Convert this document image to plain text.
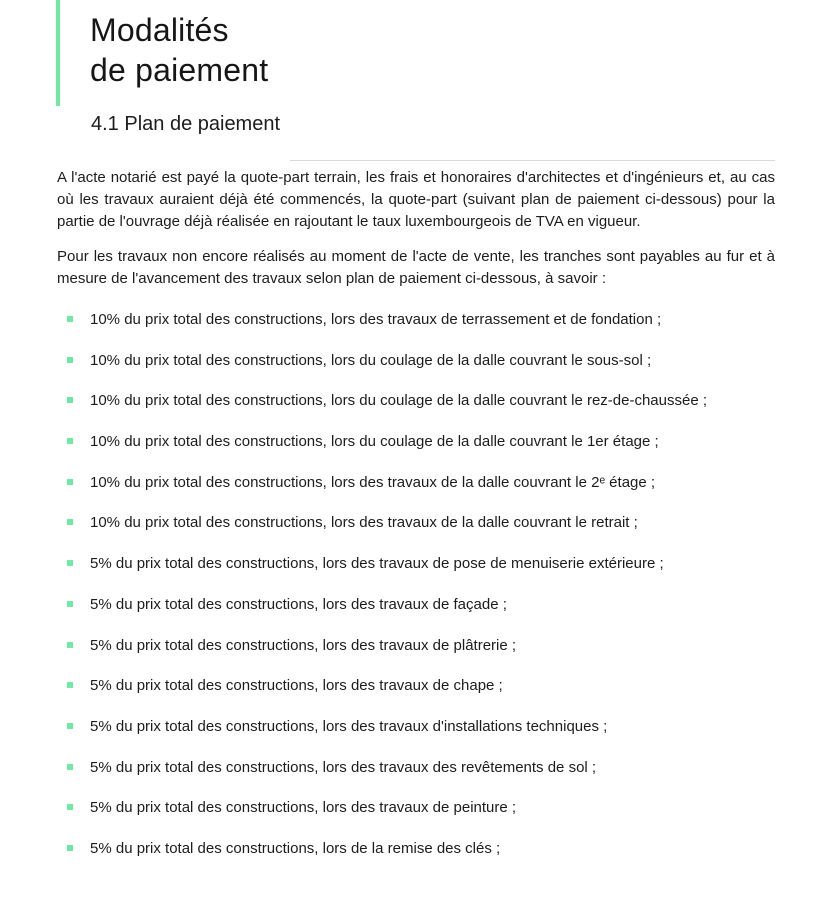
Modalités
de paiement
4.1 Plan de paiement

A l'acte notarié est payé la quote-part terrain, les frais et honoraires d'architectes et d'ingénieurs et, au cas où les travaux auraient déjà été commencés, la quote-part (suivant plan de paiement ci-dessous) pour la partie de l'ouvrage déjà réalisée en rajoutant le taux luxembourgeois de TVA en vigueur.

Pour les travaux non encore réalisés au moment de l'acte de vente, les tranches sont payables au fur et à mesure de l'avancement des travaux selon plan de paiement ci-dessous, à savoir :

10% du prix total des constructions, lors des travaux de terrassement et de fondation ;
10% du prix total des constructions, lors du coulage de la dalle couvrant le sous-sol ;
10% du prix total des constructions, lors du coulage de la dalle couvrant le rez-de-chaussée ;
10% du prix total des constructions, lors du coulage de la dalle couvrant le 1er étage ;
10% du prix total des constructions, lors des travaux de la dalle couvrant le 2ᵉ étage ;
10% du prix total des constructions, lors des travaux de la dalle couvrant le retrait ;
5% du prix total des constructions, lors des travaux de pose de menuiserie extérieure ;
5% du prix total des constructions, lors des travaux de façade ;
5% du prix total des constructions, lors des travaux de plâtrerie ;
5% du prix total des constructions, lors des travaux de chape ;
5% du prix total des constructions, lors des travaux d'installations techniques ;
5% du prix total des constructions, lors des travaux des revêtements de sol ;
5% du prix total des constructions, lors des travaux de peinture ;
5% du prix total des constructions, lors de la remise des clés ;
